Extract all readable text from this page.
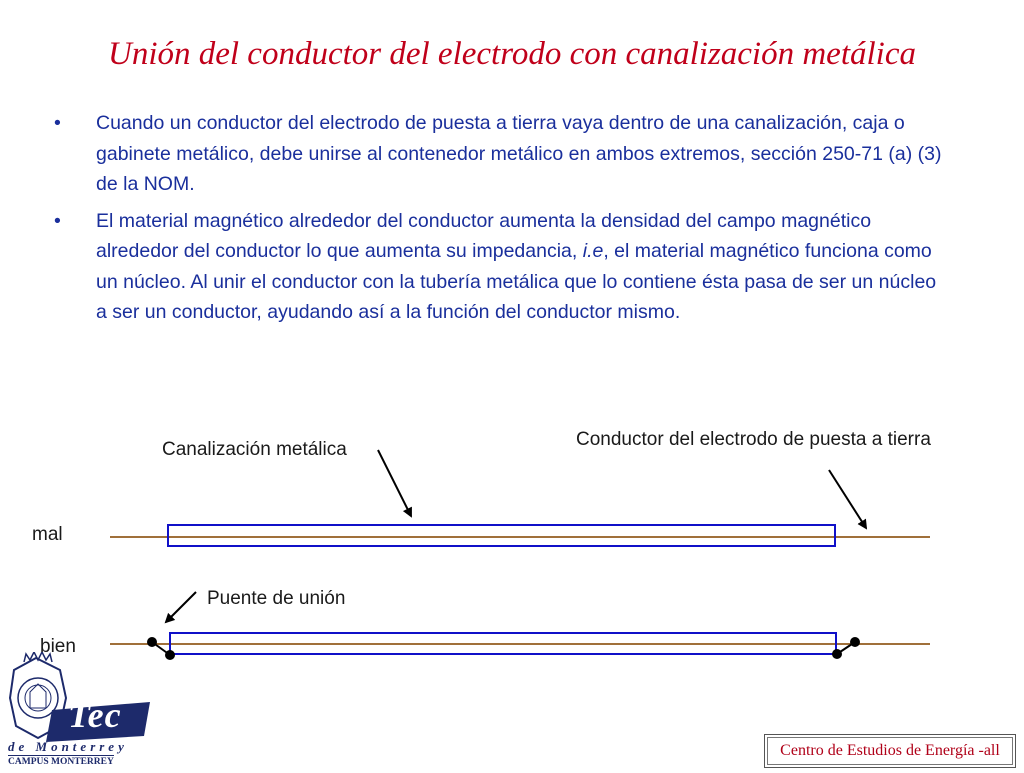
Unión del conductor del electrodo con canalización metálica
• Cuando un conductor del electrodo de puesta a tierra vaya dentro de una canalización, caja o gabinete metálico, debe unirse al contenedor metálico en ambos extremos, sección 250-71 (a) (3) de la NOM.
• El material magnético alrededor del conductor aumenta la densidad del campo magnético alrededor del conductor lo que aumenta su impedancia, i.e, el material magnético funciona como un núcleo. Al unir el conductor con la tubería metálica que lo contiene ésta pasa de ser un núcleo a ser un conductor, ayudando así a la función del conductor mismo.
Canalización metálica	Conductor del electrodo de puesta a tierra
mal
Puente de unión
bien
Tec
de Monterrey
CAMPUS MONTERREY
Centro de Estudios de Energía -all
